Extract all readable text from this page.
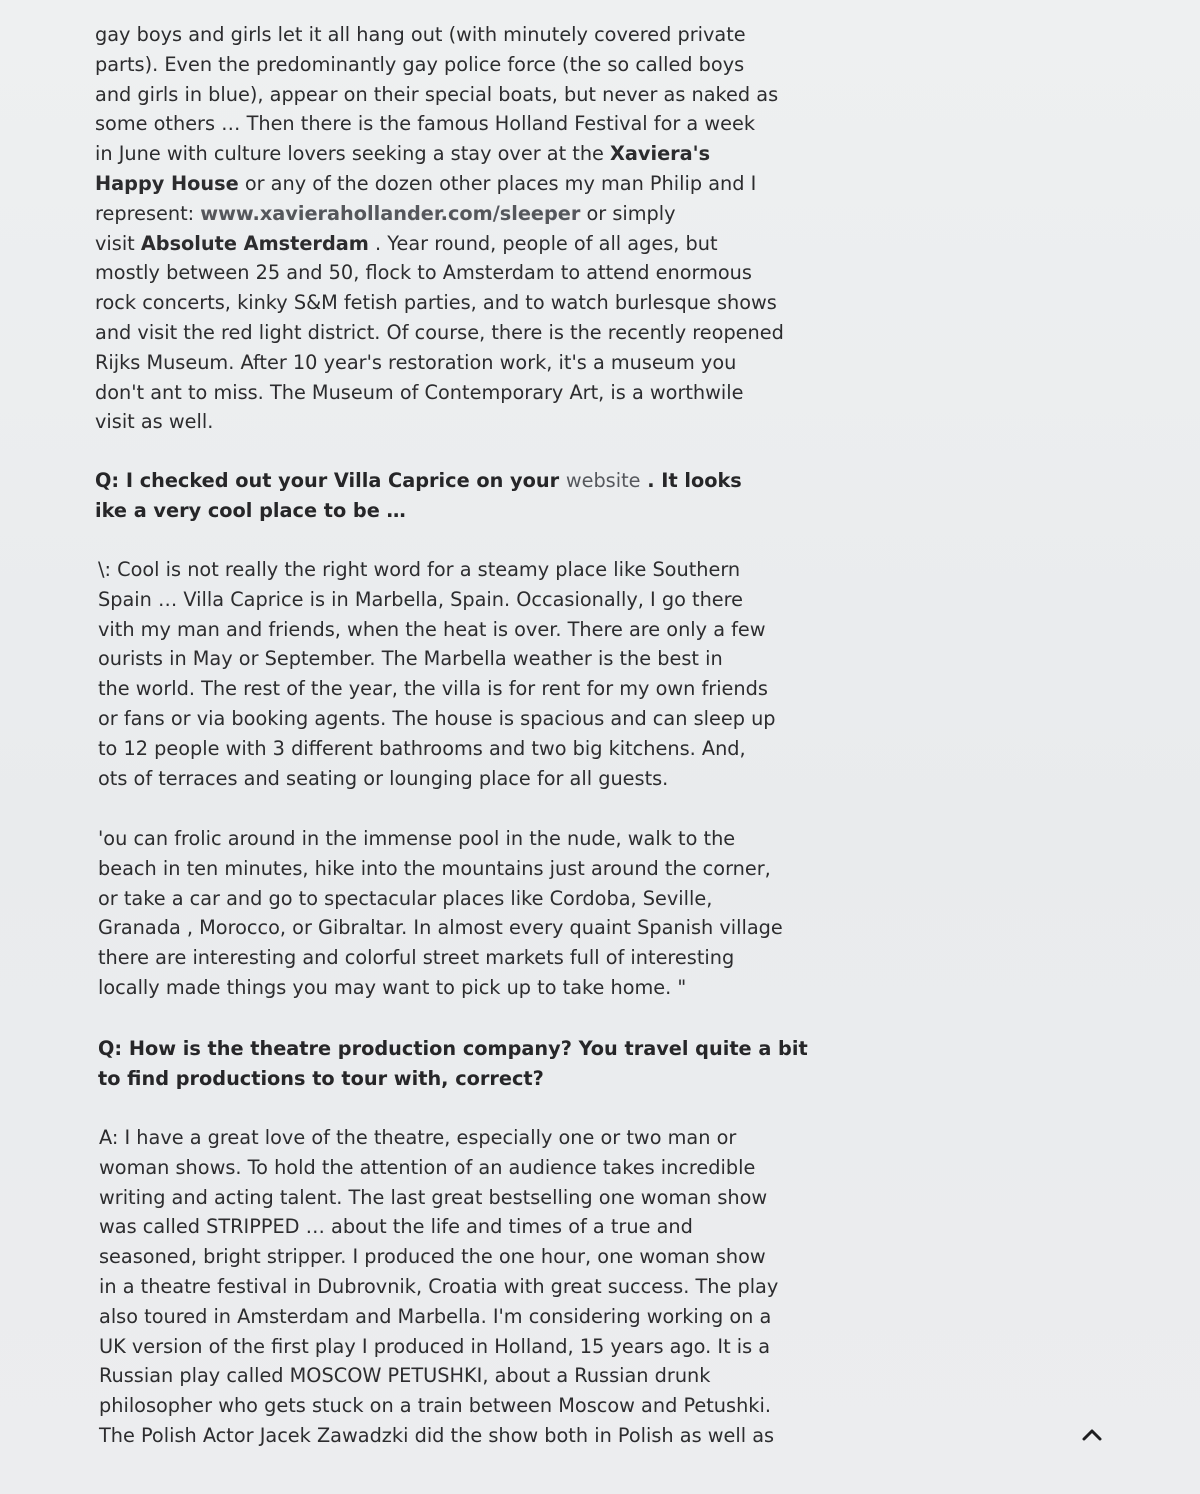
gay boys and girls let it all hang out (with minutely covered private
parts). Even the predominantly gay police force (the so called boys
and girls in blue), appear on their special boats, but never as naked as
some others … Then there is the famous Holland Festival for a week
in June with culture lovers seeking a stay over at the Xaviera's
Happy House or any of the dozen other places my man Philip and I
represent: www.xavierahollander.com/sleeper or simply
visit Absolute Amsterdam . Year round, people of all ages, but
mostly between 25 and 50, flock to Amsterdam to attend enormous
rock concerts, kinky S&M fetish parties, and to watch burlesque shows
and visit the red light district. Of course, there is the recently reopened
Rijks Museum. After 10 year's restoration work, it's a museum you
don't ant to miss. The Museum of Contemporary Art, is a worthwile
visit as well.
Q: I checked out your Villa Caprice on your website . It looks
ike a very cool place to be …
\: Cool is not really the right word for a steamy place like Southern
Spain … Villa Caprice is in Marbella, Spain. Occasionally, I go there
vith my man and friends, when the heat is over. There are only a few
ourists in May or September. The Marbella weather is the best in
the world. The rest of the year, the villa is for rent for my own friends
or fans or via booking agents. The house is spacious and can sleep up
to 12 people with 3 different bathrooms and two big kitchens. And,
ots of terraces and seating or lounging place for all guests.
'ou can frolic around in the immense pool in the nude, walk to the
beach in ten minutes, hike into the mountains just around the corner,
or take a car and go to spectacular places like Cordoba, Seville,
Granada , Morocco, or Gibraltar. In almost every quaint Spanish village
there are interesting and colorful street markets full of interesting
locally made things you may want to pick up to take home. "
Q: How is the theatre production company? You travel quite a bit
to find productions to tour with, correct?
A: I have a great love of the theatre, especially one or two man or
woman shows. To hold the attention of an audience takes incredible
writing and acting talent. The last great bestselling one woman show
was called STRIPPED … about the life and times of a true and
seasoned, bright stripper. I produced the one hour, one woman show
in a theatre festival in Dubrovnik, Croatia with great success. The play
also toured in Amsterdam and Marbella. I'm considering working on a
UK version of the first play I produced in Holland, 15 years ago. It is a
Russian play called MOSCOW PETUSHKI, about a Russian drunk
philosopher who gets stuck on a train between Moscow and Petushki.
The Polish Actor Jacek Zawadzki did the show both in Polish as well as
